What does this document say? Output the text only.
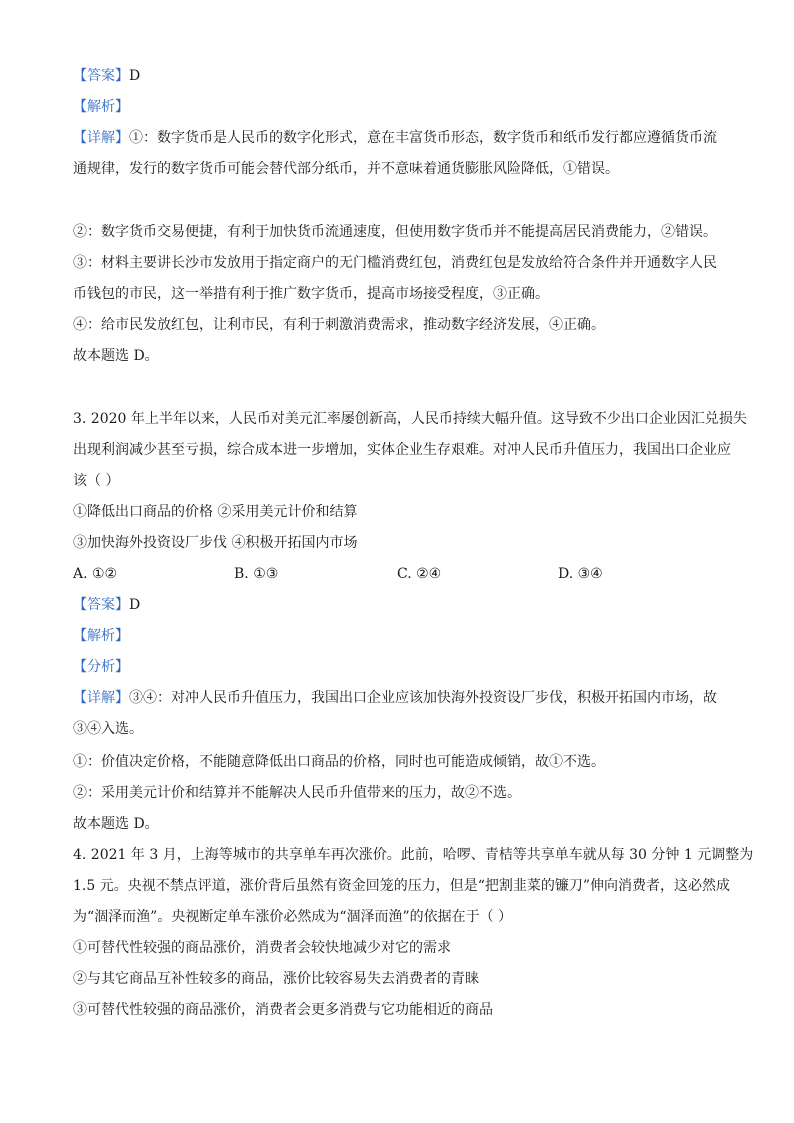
【答案】D
【解析】
【详解】①：数字货币是人民币的数字化形式，意在丰富货币形态，数字货币和纸币发行都应遵循货币流
通规律，发行的数字货币可能会替代部分纸币，并不意味着通货膨胀风险降低，①错误。
②：数字货币交易便捷，有利于加快货币流通速度，但使用数字货币并不能提高居民消费能力，②错误。
③：材料主要讲长沙市发放用于指定商户的无门槛消费红包，消费红包是发放给符合条件并开通数字人民
币钱包的市民，这一举措有利于推广数字货币，提高市场接受程度，③正确。
④：给市民发放红包，让利市民，有利于刺激消费需求，推动数字经济发展，④正确。
故本题选 D。
3. 2020 年上半年以来，人民币对美元汇率屡创新高，人民币持续大幅升值。这导致不少出口企业因汇兑损失
出现利润减少甚至亏损，综合成本进一步增加，实体企业生存艰难。对冲人民币升值压力，我国出口企业应
该（ ）
①降低出口商品的价格 ②采用美元计价和结算
③加快海外投资设厂步伐 ④积极开拓国内市场
A. ①②	B. ①③	C. ②④	D. ③④
【答案】D
【解析】
【分析】
【详解】③④：对冲人民币升值压力，我国出口企业应该加快海外投资设厂步伐，积极开拓国内市场，故
③④入选。
①：价值决定价格，不能随意降低出口商品的价格，同时也可能造成倾销，故①不选。
②：采用美元计价和结算并不能解决人民币升值带来的压力，故②不选。
故本题选 D。
4. 2021 年 3 月，上海等城市的共享单车再次涨价。此前，哈啰、青桔等共享单车就从每 30 分钟 1 元调整为
1.5 元。央视不禁点评道，涨价背后虽然有资金回笼的压力，但是“把割韭菜的镰刀”伸向消费者，这必然成
为“涸泽而渔”。央视断定单车涨价必然成为“涸泽而渔”的依据在于（ ）
①可替代性较强的商品涨价，消费者会较快地减少对它的需求
②与其它商品互补性较多的商品，涨价比较容易失去消费者的青睐
③可替代性较强的商品涨价，消费者会更多消费与它功能相近的商品
